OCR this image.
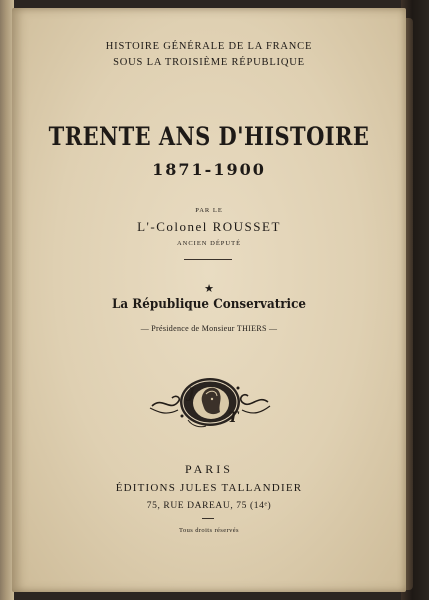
HISTOIRE GÉNÉRALE DE LA FRANCE
SOUS LA TROISIÈME RÉPUBLIQUE
TRENTE ANS D'HISTOIRE
1871-1900
PAR LE
L'-Colonel ROUSSET
ANCIEN DÉPUTÉ
★
La République Conservatrice
— Présidence de Monsieur THIERS —
J
T
PARIS
ÉDITIONS JULES TALLANDIER
75, RUE DAREAU, 75 (14ᵉ)
Tous droits réservés
